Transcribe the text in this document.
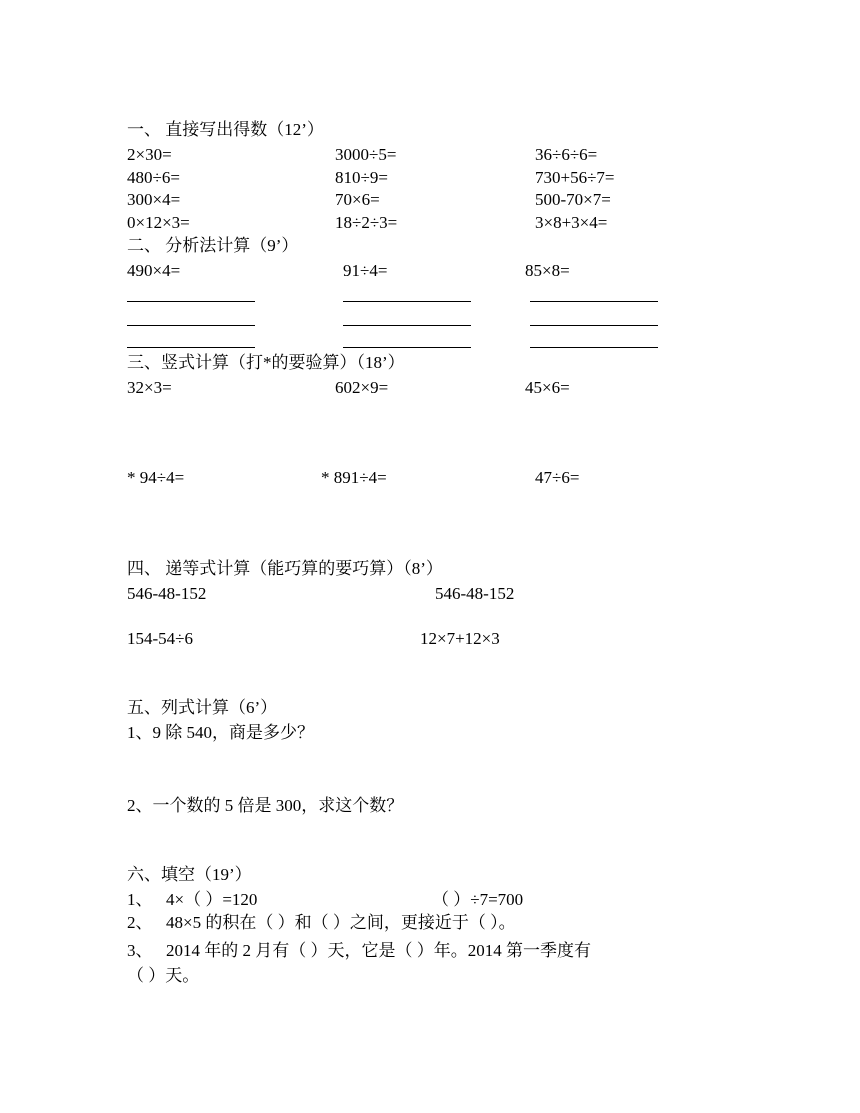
一、 直接写出得数（12’）
2×30=	3000÷5=	36÷6÷6=
480÷6=	810÷9=	730+56÷7=
300×4=	70×6=	500-70×7=
0×12×3=	18÷2÷3=	3×8+3×4=
二、 分析法计算（9’）
490×4=	91÷4=	85×8=
三、竖式计算（打*的要验算）（18’）
32×3=	602×9=	45×6=
* 94÷4=	* 891÷4=	47÷6=
四、 递等式计算（能巧算的要巧算）（8’）
546-48-152	546-48-152
154-54÷6	12×7+12×3
五、列式计算（6’）
1、9 除 540，商是多少？
2、一个数的 5 倍是 300，求这个数？
六、填空（19’）
1、 4×（ ）=120	（ ）÷7=700
2、 48×5 的积在（ ）和（ ）之间，更接近于（ ）。
3、 2014 年的 2 月有（ ）天，它是（ ）年。2014 第一季度有
（ ）天。
